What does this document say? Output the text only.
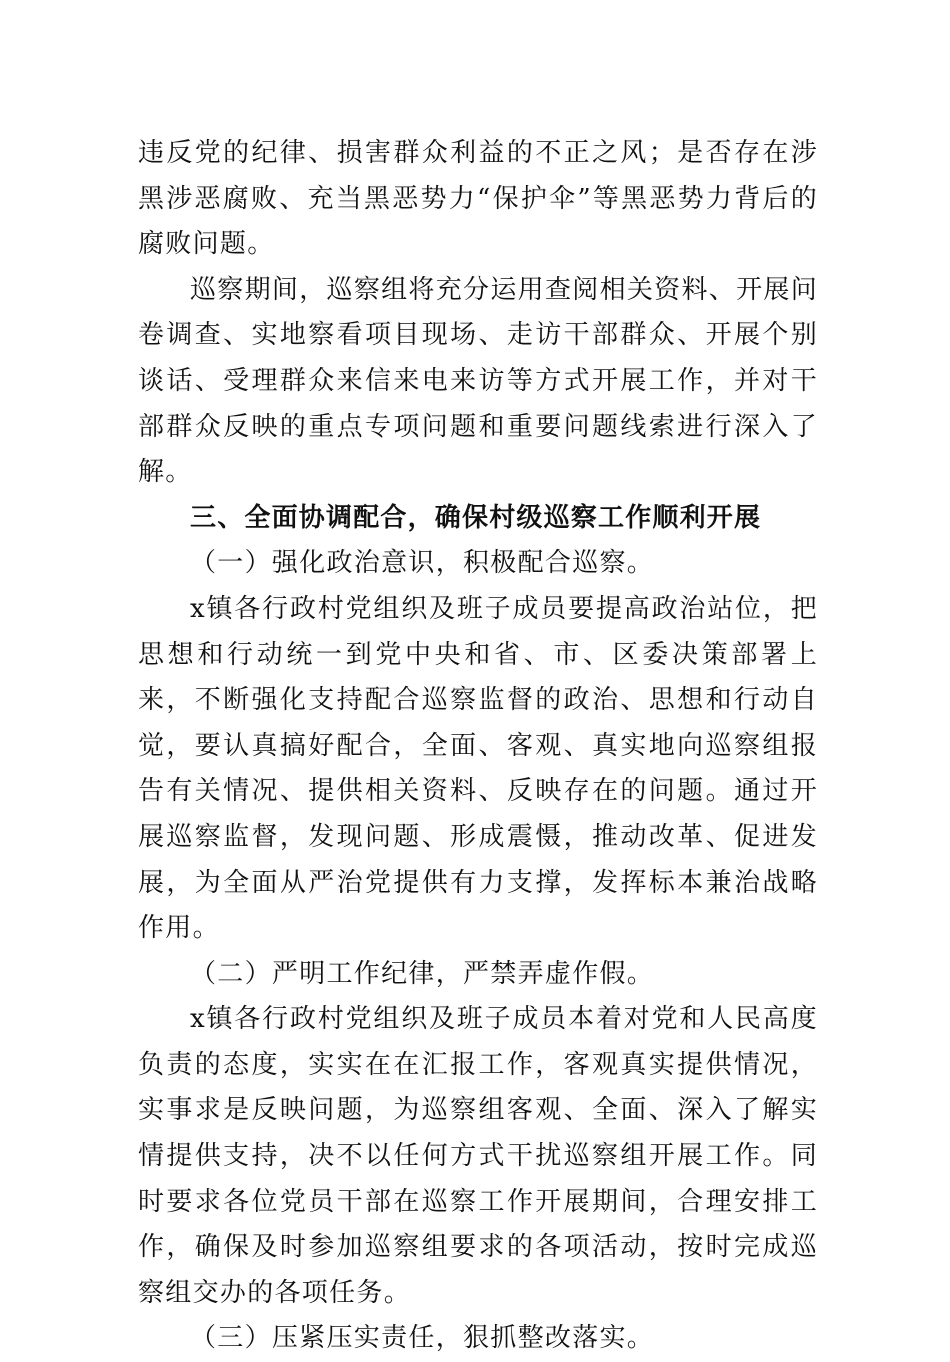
违反党的纪律、损害群众利益的不正之风；是否存在涉黑涉恶腐败、充当黑恶势力“保护伞”等黑恶势力背后的腐败问题。

巡察期间，巡察组将充分运用查阅相关资料、开展问卷调查、实地察看项目现场、走访干部群众、开展个别谈话、受理群众来信来电来访等方式开展工作，并对干部群众反映的重点专项问题和重要问题线索进行深入了解。

三、全面协调配合，确保村级巡察工作顺利开展

（一）强化政治意识，积极配合巡察。

x镇各行政村党组织及班子成员要提高政治站位，把思想和行动统一到党中央和省、市、区委决策部署上来，不断强化支持配合巡察监督的政治、思想和行动自觉，要认真搞好配合，全面、客观、真实地向巡察组报告有关情况、提供相关资料、反映存在的问题。通过开展巡察监督，发现问题、形成震慑，推动改革、促进发展，为全面从严治党提供有力支撑，发挥标本兼治战略作用。

（二）严明工作纪律，严禁弄虚作假。

x镇各行政村党组织及班子成员本着对党和人民高度负责的态度，实实在在汇报工作，客观真实提供情况，实事求是反映问题，为巡察组客观、全面、深入了解实情提供支持，决不以任何方式干扰巡察组开展工作。同时要求各位党员干部在巡察工作开展期间，合理安排工作，确保及时参加巡察组要求的各项活动，按时完成巡察组交办的各项任务。

（三）压紧压实责任，狠抓整改落实。
